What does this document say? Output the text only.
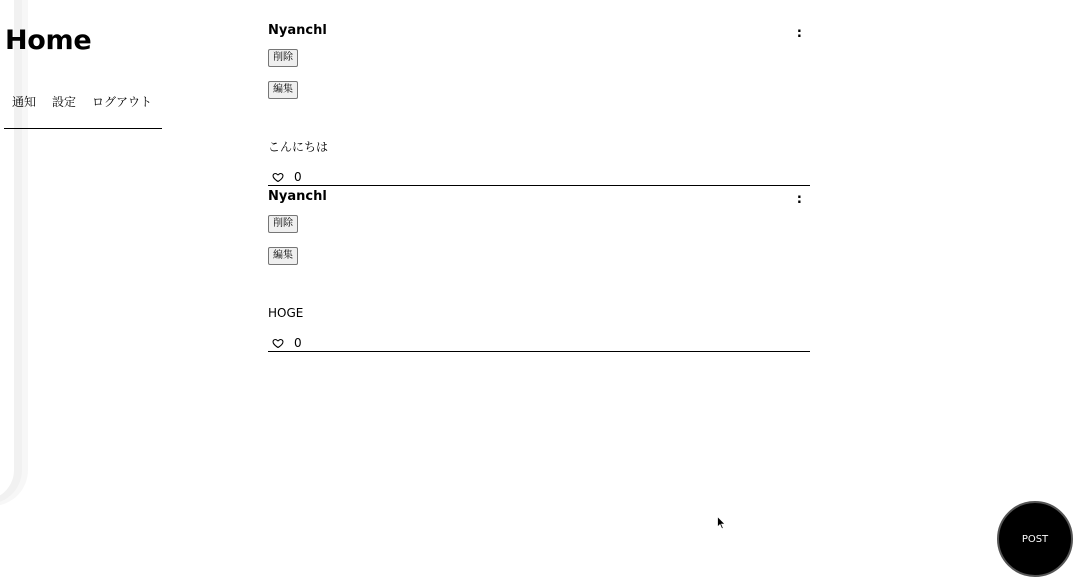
Home
通知 設定 ログアウト
Nyanchl	:
削除
編集
こんにちは
0
Nyanchl	:
削除
編集
HOGE
0
POST
